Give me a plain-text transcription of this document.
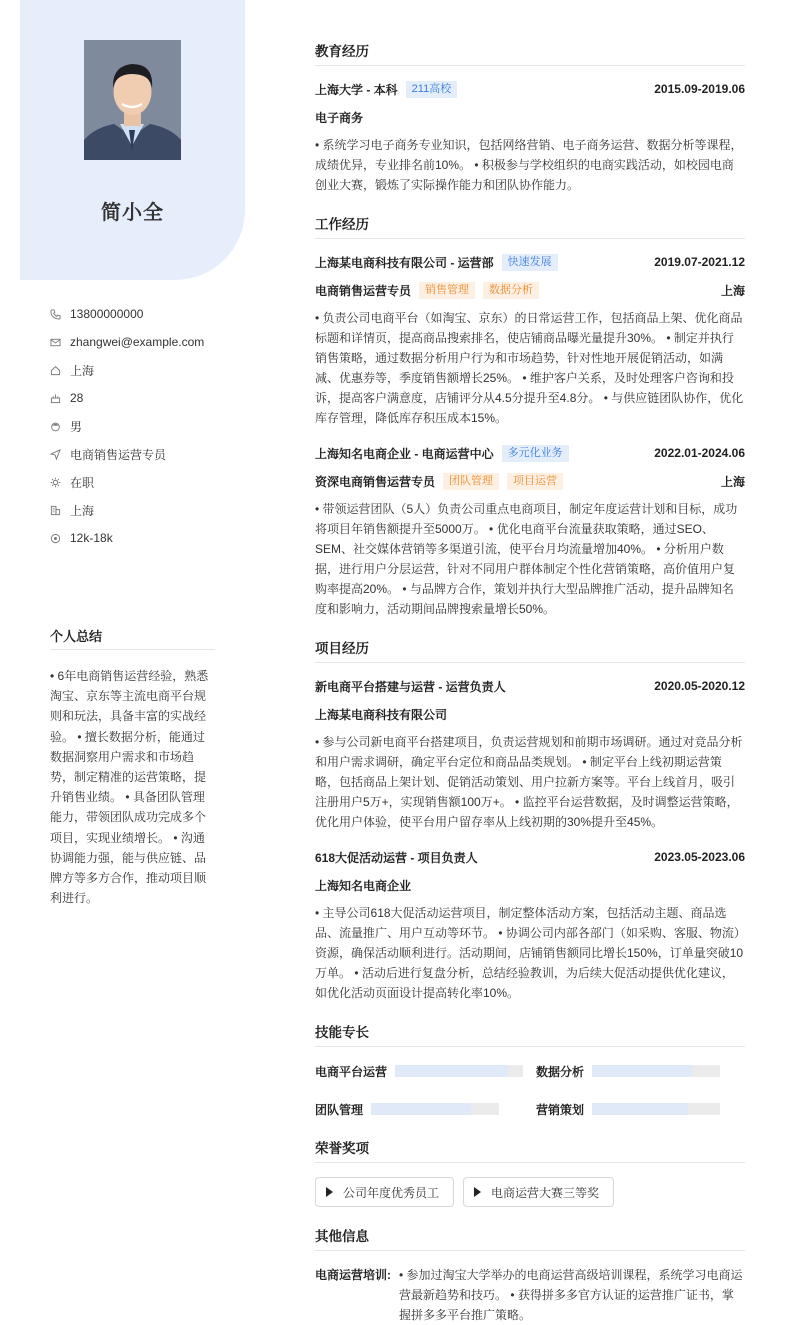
简小全
13800000000
zhangwei@example.com
上海
28
男
电商销售运营专员
在职
上海
12k-18k
个人总结
• 6年电商销售运营经验，熟悉淘宝、京东等主流电商平台规则和玩法，具备丰富的实战经验。 • 擅长数据分析，能通过数据洞察用户需求和市场趋势，制定精准的运营策略，提升销售业绩。 • 具备团队管理能力，带领团队成功完成多个项目，实现业绩增长。 • 沟通协调能力强，能与供应链、品牌方等多方合作，推动项目顺利进行。
教育经历
上海大学 - 本科	211高校	2015.09-2019.06
电子商务
• 系统学习电子商务专业知识，包括网络营销、电子商务运营、数据分析等课程，成绩优异，专业排名前10%。 • 积极参与学校组织的电商实践活动，如校园电商创业大赛，锻炼了实际操作能力和团队协作能力。
工作经历
上海某电商科技有限公司 - 运营部	快速发展	2019.07-2021.12
电商销售运营专员	销售管理	数据分析	上海
• 负责公司电商平台（如淘宝、京东）的日常运营工作，包括商品上架、优化商品标题和详情页，提高商品搜索排名，使店铺商品曝光量提升30%。 • 制定并执行销售策略，通过数据分析用户行为和市场趋势，针对性地开展促销活动，如满减、优惠券等，季度销售额增长25%。 • 维护客户关系，及时处理客户咨询和投诉，提高客户满意度，店铺评分从4.5分提升至4.8分。 • 与供应链团队协作，优化库存管理，降低库存积压成本15%。
上海知名电商企业 - 电商运营中心	多元化业务	2022.01-2024.06
资深电商销售运营专员	团队管理	项目运营	上海
• 带领运营团队（5人）负责公司重点电商项目，制定年度运营计划和目标，成功将项目年销售额提升至5000万。 • 优化电商平台流量获取策略，通过SEO、SEM、社交媒体营销等多渠道引流，使平台月均流量增加40%。 • 分析用户数据，进行用户分层运营，针对不同用户群体制定个性化营销策略，高价值用户复购率提高20%。 • 与品牌方合作，策划并执行大型品牌推广活动，提升品牌知名度和影响力，活动期间品牌搜索量增长50%。
项目经历
新电商平台搭建与运营 - 运营负责人	2020.05-2020.12
上海某电商科技有限公司
• 参与公司新电商平台搭建项目，负责运营规划和前期市场调研。通过对竞品分析和用户需求调研，确定平台定位和商品品类规划。 • 制定平台上线初期运营策略，包括商品上架计划、促销活动策划、用户拉新方案等。平台上线首月，吸引注册用户5万+，实现销售额100万+。 • 监控平台运营数据，及时调整运营策略，优化用户体验，使平台用户留存率从上线初期的30%提升至45%。
618大促活动运营 - 项目负责人	2023.05-2023.06
上海知名电商企业
• 主导公司618大促活动运营项目，制定整体活动方案，包括活动主题、商品选品、流量推广、用户互动等环节。 • 协调公司内部各部门（如采购、客服、物流）资源，确保活动顺利进行。活动期间，店铺销售额同比增长150%，订单量突破10万单。 • 活动后进行复盘分析，总结经验教训，为后续大促活动提供优化建议，如优化活动页面设计提高转化率10%。
技能专长
电商平台运营	数据分析
团队管理	营销策划
荣誉奖项
公司年度优秀员工	电商运营大赛三等奖
其他信息
电商运营培训: • 参加过淘宝大学举办的电商运营高级培训课程，系统学习电商运营最新趋势和技巧。 • 获得拼多多官方认证的运营推广证书，掌握拼多多平台推广策略。
